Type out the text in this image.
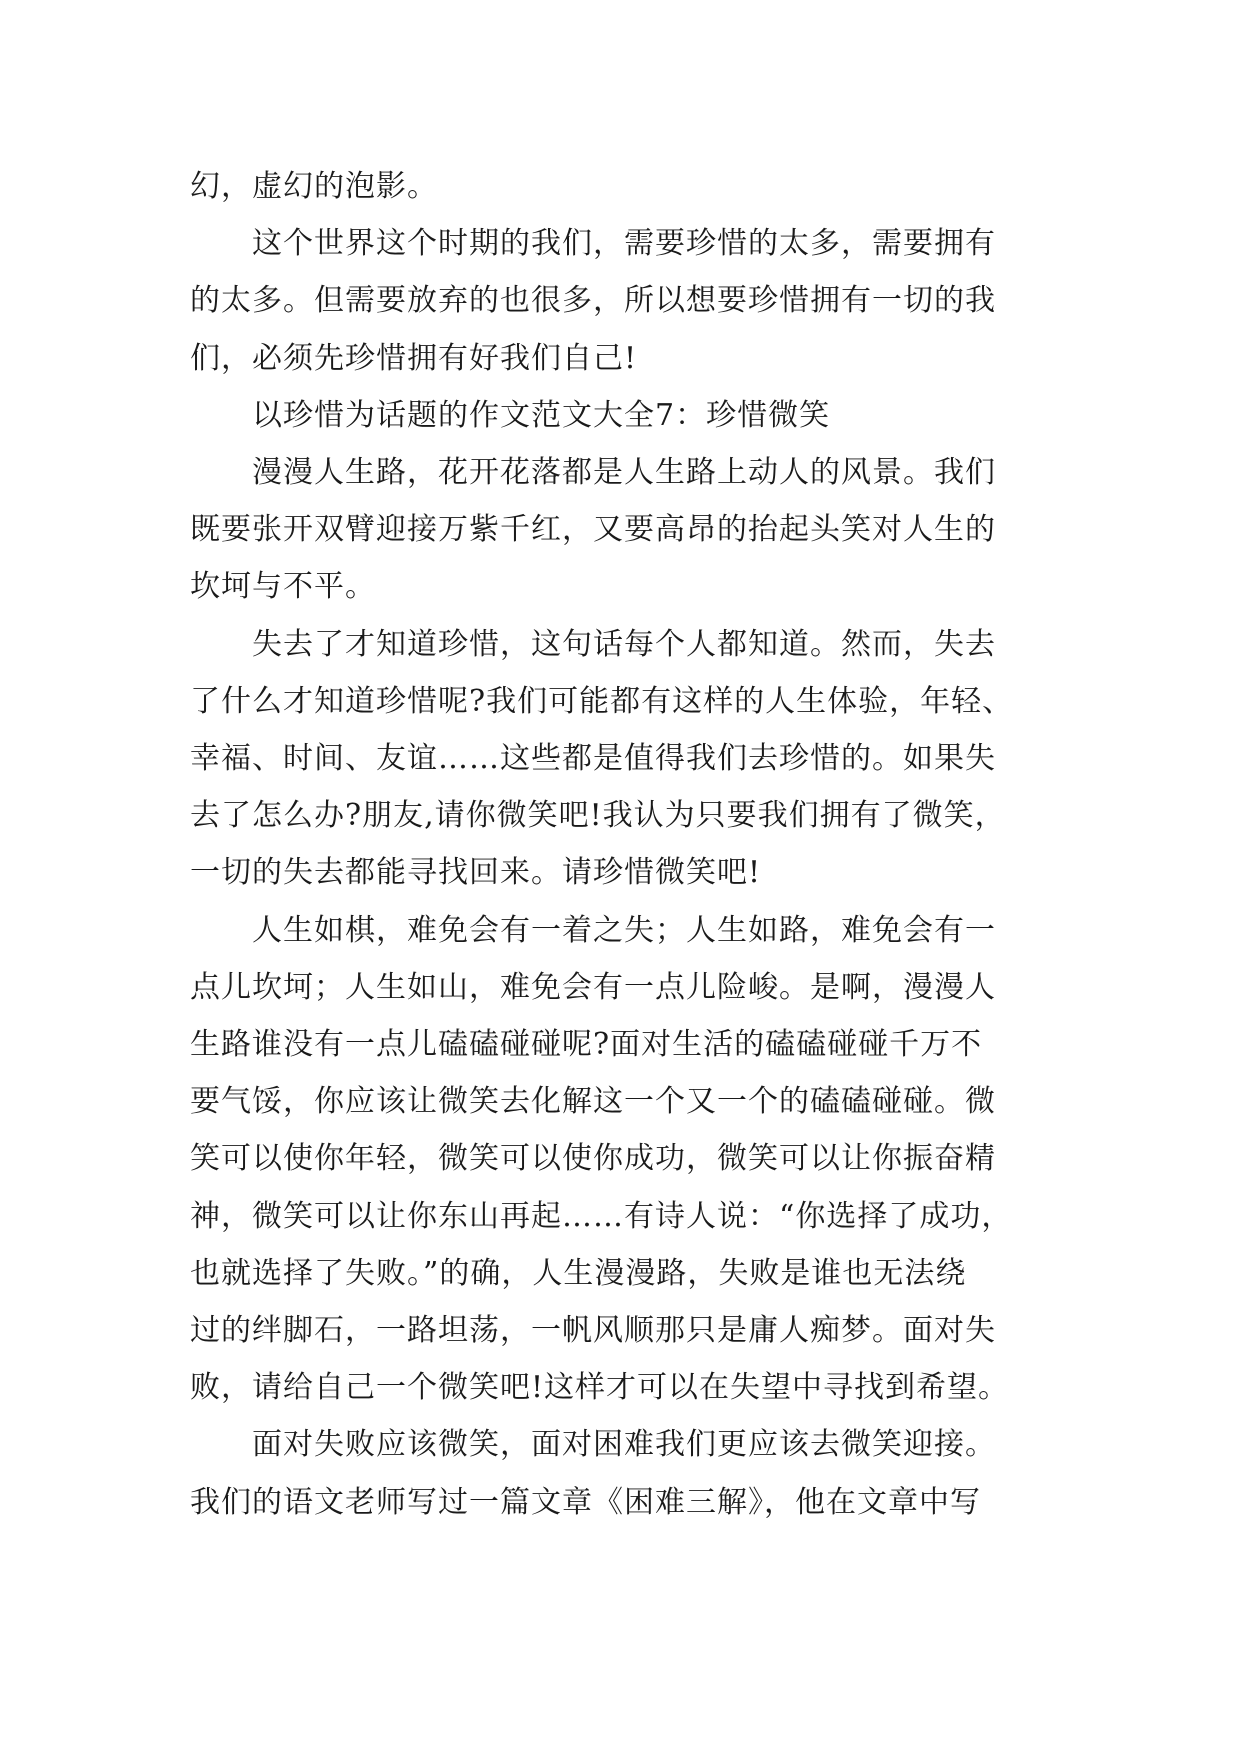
幻，虚幻的泡影。
这个世界这个时期的我们，需要珍惜的太多，需要拥有
的太多。但需要放弃的也很多，所以想要珍惜拥有一切的我
们，必须先珍惜拥有好我们自己!
以珍惜为话题的作文范文大全7：珍惜微笑
漫漫人生路，花开花落都是人生路上动人的风景。我们
既要张开双臂迎接万紫千红，又要高昂的抬起头笑对人生的
坎坷与不平。
失去了才知道珍惜，这句话每个人都知道。然而，失去
了什么才知道珍惜呢?我们可能都有这样的人生体验，年轻、
幸福、时间、友谊……这些都是值得我们去珍惜的。如果失
去了怎么办?朋友,请你微笑吧!我认为只要我们拥有了微笑，
一切的失去都能寻找回来。请珍惜微笑吧!
人生如棋，难免会有一着之失；人生如路，难免会有一
点儿坎坷；人生如山，难免会有一点儿险峻。是啊，漫漫人
生路谁没有一点儿磕磕碰碰呢?面对生活的磕磕碰碰千万不
要气馁，你应该让微笑去化解这一个又一个的磕磕碰碰。微
笑可以使你年轻，微笑可以使你成功，微笑可以让你振奋精
神，微笑可以让你东山再起……有诗人说：“你选择了成功，
也就选择了失败。”的确，人生漫漫路，失败是谁也无法绕
过的绊脚石，一路坦荡，一帆风顺那只是庸人痴梦。面对失
败，请给自己一个微笑吧!这样才可以在失望中寻找到希望。
面对失败应该微笑，面对困难我们更应该去微笑迎接。
我们的语文老师写过一篇文章《困难三解》，他在文章中写
